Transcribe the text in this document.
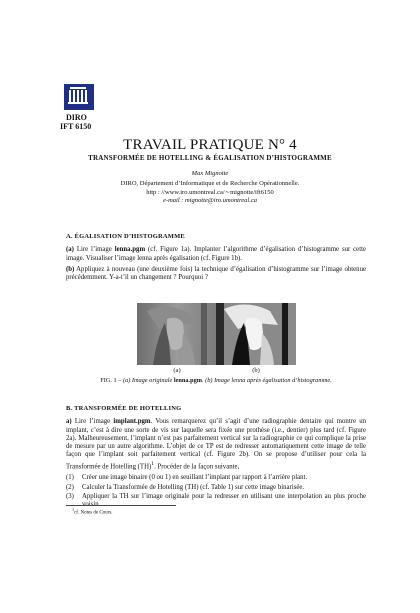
DIRO
IFT 6150
TRAVAIL PRATIQUE N° 4
TRANSFORMÉE DE HOTELLING & ÉGALISATION D’HISTOGRAMME
Max Mignotte
DIRO, Département d’Informatique et de Recherche Opérationnelle.
http : //www.iro.umontreal.ca/∼mignotte/ift6150
e-mail : mignotte@iro.umontreal.ca
A. ÉGALISATION D’HISTOGRAMME

(a) Lire l’image lenna.pgm (cf. Figure 1a). Implanter l’algorithme d’égalisation d’histogramme sur cette image. Visualiser l’image lenna après égalisation (cf. Figure 1b).

(b) Appliquez à nouveau (une deuxième fois) la technique d’égalisation d’histogramme sur l’image obtenue précédemment. Y-a-t’il un changement ? Pourquoi ?

(a)	(b)
FIG. 1 – (a) Image originale lenna.pgm. (b) Image lenna après égalisation d’histogramme.
B. TRANSFORMÉE DE HOTELLING

a) Lire l’image implant.pgm. Vous remarquerez qu’il s’agit d’une radiographie dentaire qui montre un implant, c’est à dire une sorte de vis sur laquelle sera fixée une prothèse (i.e., dentier) plus tard (cf. Figure 2a). Malheureusement, l’implant n’est pas parfaitement vertical sur la radiographie ce qui complique la prise de mesure par un autre algorithme. L’objet de ce TP est de redresser automatiquement cette image de telle façon que l’implant soit parfaitement vertical (cf. Figure 2b). On se propose d’utiliser pour cela la Transformée de Hotelling (TH)$^1$. Procéder de la façon suivante,

(1) Créer une image binaire (0 ou 1) en seuillant l’implant par rapport à l’arrière plant.
(2) Calculer la Transformée de Hotelling (TH) (cf. Table 1) sur cette image binarisée.
(3) Appliquer la TH sur l’image originale pour la redresser en utilisant une interpolation au plus proche voisin.
$^1$cf. Notes de Cours.
